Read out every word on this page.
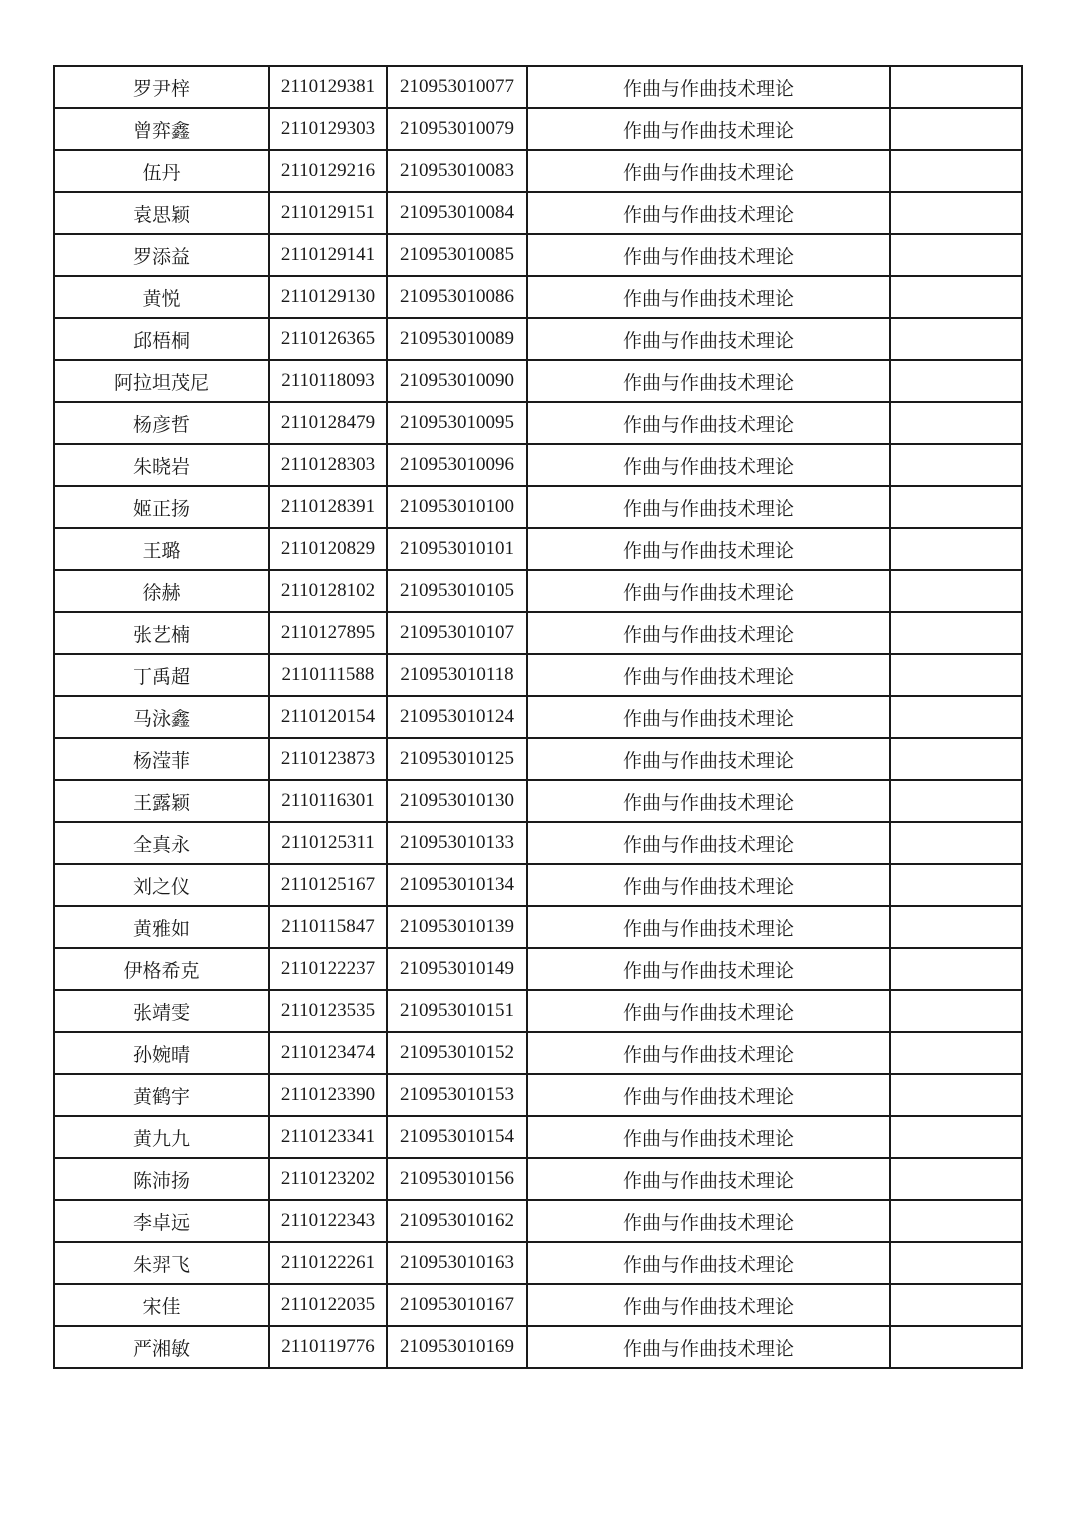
罗尹梓	2110129381	210953010077	作曲与作曲技术理论	
曾弈鑫	2110129303	210953010079	作曲与作曲技术理论	
伍丹	2110129216	210953010083	作曲与作曲技术理论	
袁思颖	2110129151	210953010084	作曲与作曲技术理论	
罗添益	2110129141	210953010085	作曲与作曲技术理论	
黄悦	2110129130	210953010086	作曲与作曲技术理论	
邱梧桐	2110126365	210953010089	作曲与作曲技术理论	
阿拉坦茂尼	2110118093	210953010090	作曲与作曲技术理论	
杨彦哲	2110128479	210953010095	作曲与作曲技术理论	
朱晓岩	2110128303	210953010096	作曲与作曲技术理论	
姬正扬	2110128391	210953010100	作曲与作曲技术理论	
王璐	2110120829	210953010101	作曲与作曲技术理论	
徐赫	2110128102	210953010105	作曲与作曲技术理论	
张艺楠	2110127895	210953010107	作曲与作曲技术理论	
丁禹超	2110111588	210953010118	作曲与作曲技术理论	
马泳鑫	2110120154	210953010124	作曲与作曲技术理论	
杨滢菲	2110123873	210953010125	作曲与作曲技术理论	
王露颖	2110116301	210953010130	作曲与作曲技术理论	
全真永	2110125311	210953010133	作曲与作曲技术理论	
刘之仪	2110125167	210953010134	作曲与作曲技术理论	
黄雅如	2110115847	210953010139	作曲与作曲技术理论	
伊格希克	2110122237	210953010149	作曲与作曲技术理论	
张靖雯	2110123535	210953010151	作曲与作曲技术理论	
孙婉晴	2110123474	210953010152	作曲与作曲技术理论	
黄鹤宇	2110123390	210953010153	作曲与作曲技术理论	
黄九九	2110123341	210953010154	作曲与作曲技术理论	
陈沛扬	2110123202	210953010156	作曲与作曲技术理论	
李卓远	2110122343	210953010162	作曲与作曲技术理论	
朱羿飞	2110122261	210953010163	作曲与作曲技术理论	
宋佳	2110122035	210953010167	作曲与作曲技术理论	
严湘敏	2110119776	210953010169	作曲与作曲技术理论	
